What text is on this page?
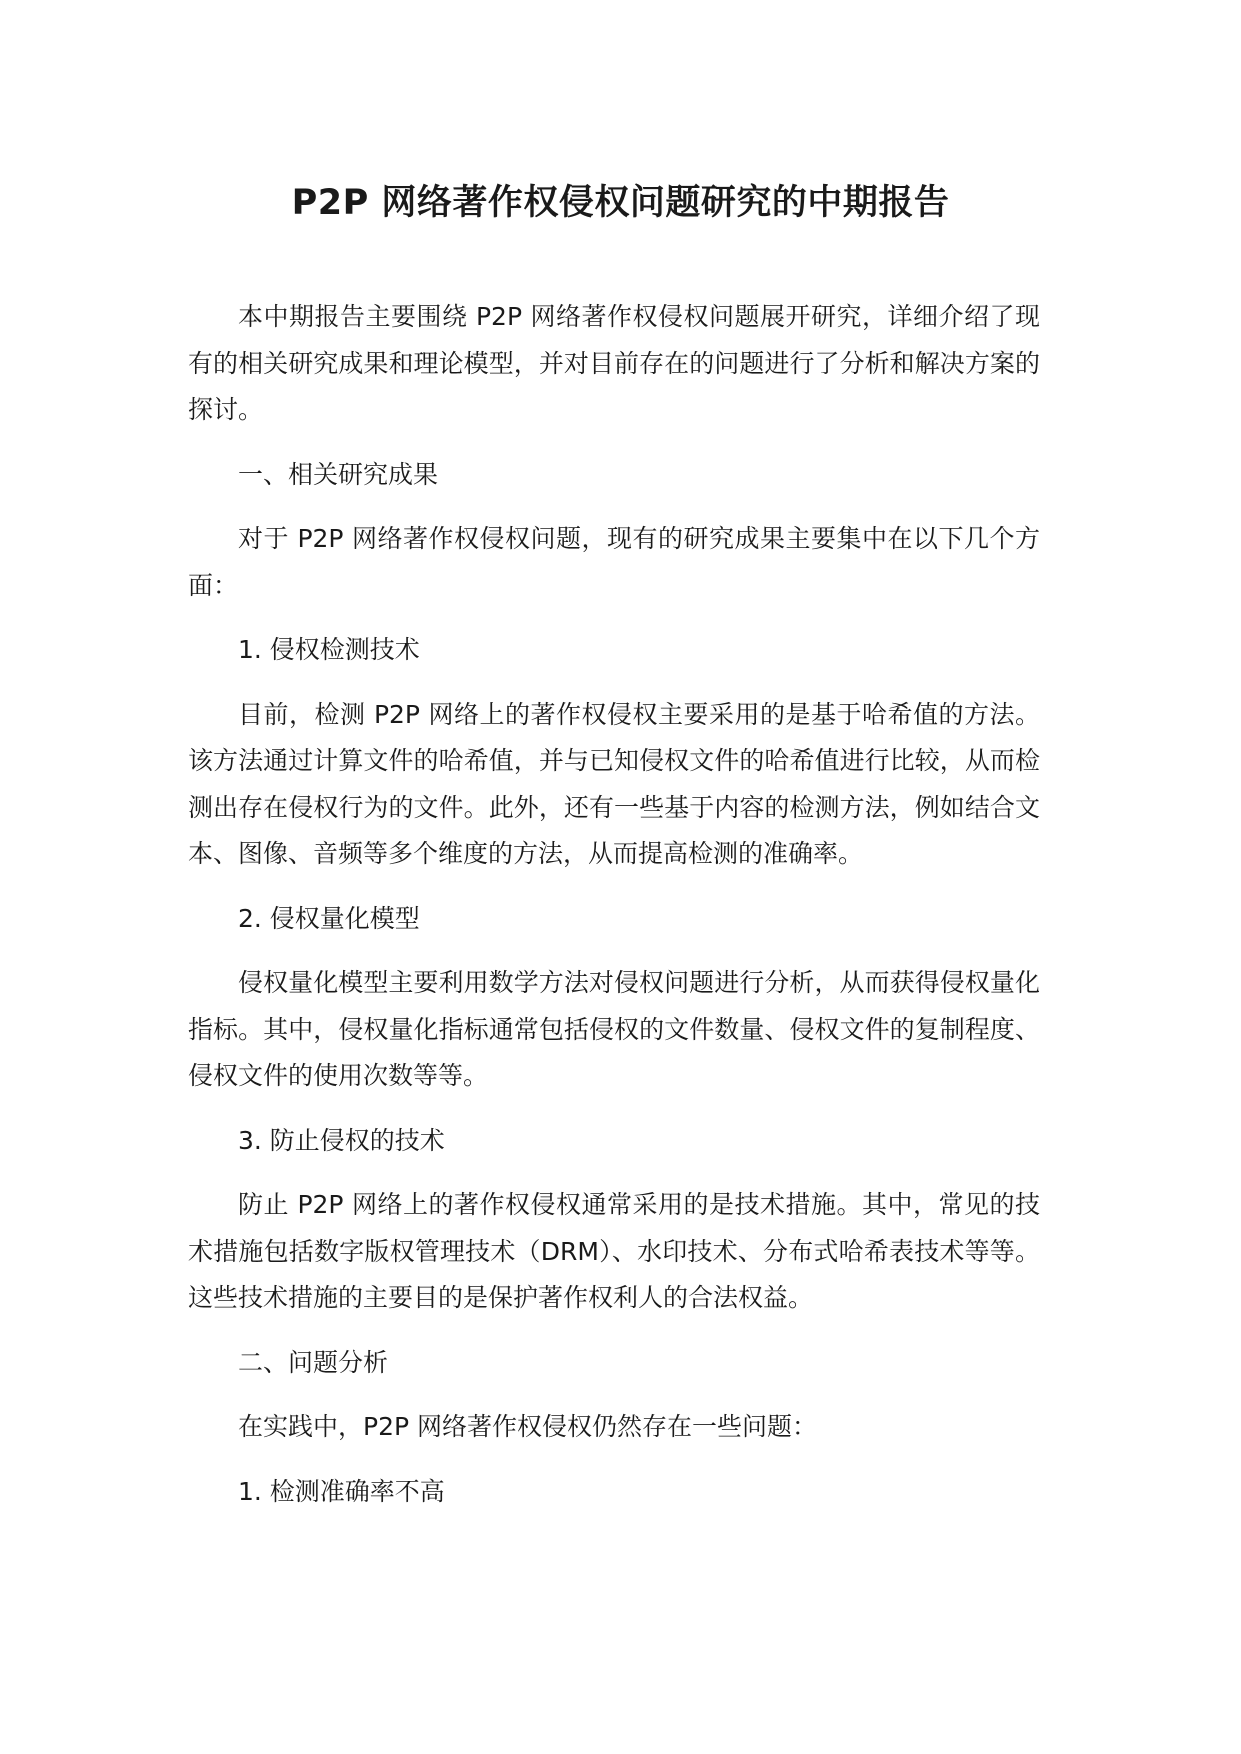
P2P 网络著作权侵权问题研究的中期报告

本中期报告主要围绕 P2P 网络著作权侵权问题展开研究，详细介绍了现有的相关研究成果和理论模型，并对目前存在的问题进行了分析和解决方案的探讨。

一、相关研究成果

对于 P2P 网络著作权侵权问题，现有的研究成果主要集中在以下几个方面：

1. 侵权检测技术

目前，检测 P2P 网络上的著作权侵权主要采用的是基于哈希值的方法。该方法通过计算文件的哈希值，并与已知侵权文件的哈希值进行比较，从而检测出存在侵权行为的文件。此外，还有一些基于内容的检测方法，例如结合文本、图像、音频等多个维度的方法，从而提高检测的准确率。

2. 侵权量化模型

侵权量化模型主要利用数学方法对侵权问题进行分析，从而获得侵权量化指标。其中，侵权量化指标通常包括侵权的文件数量、侵权文件的复制程度、侵权文件的使用次数等等。

3. 防止侵权的技术

防止 P2P 网络上的著作权侵权通常采用的是技术措施。其中，常见的技术措施包括数字版权管理技术（DRM）、水印技术、分布式哈希表技术等等。这些技术措施的主要目的是保护著作权利人的合法权益。

二、问题分析

在实践中，P2P 网络著作权侵权仍然存在一些问题：

1. 检测准确率不高
